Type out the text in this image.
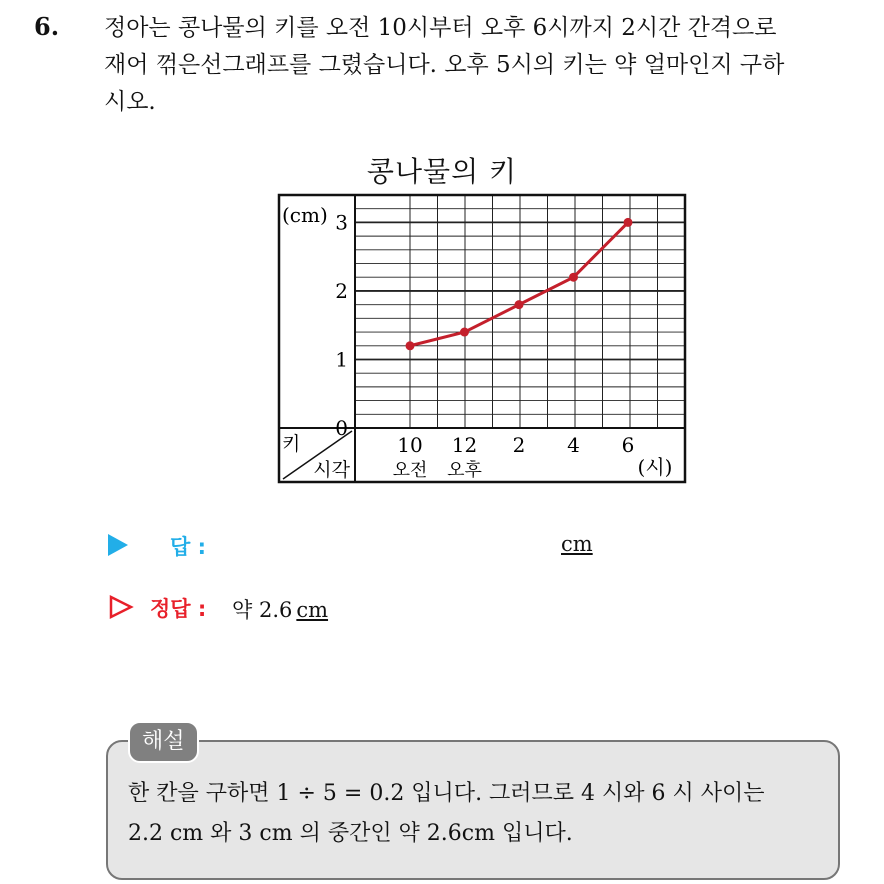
6. 정아는 콩나물의 키를 오전 10시부터 오후 6시까지 2시간 간격으로
재어 꺾은선그래프를 그렸습니다. 오후 5시의 키는 약 얼마인지 구하
시오.
콩나물의 키
(cm)
0
1
2
3
10
오전
12
오후
2 4 6
(시)
키
시각
답 :	cm
정답 : 약 2.6 cm
해설
한 칸을 구하면 1 ÷ 5 = 0.2 입니다. 그러므로 4 시와 6 시 사이는
2.2 cm 와 3 cm 의 중간인 약 2.6cm 입니다.
